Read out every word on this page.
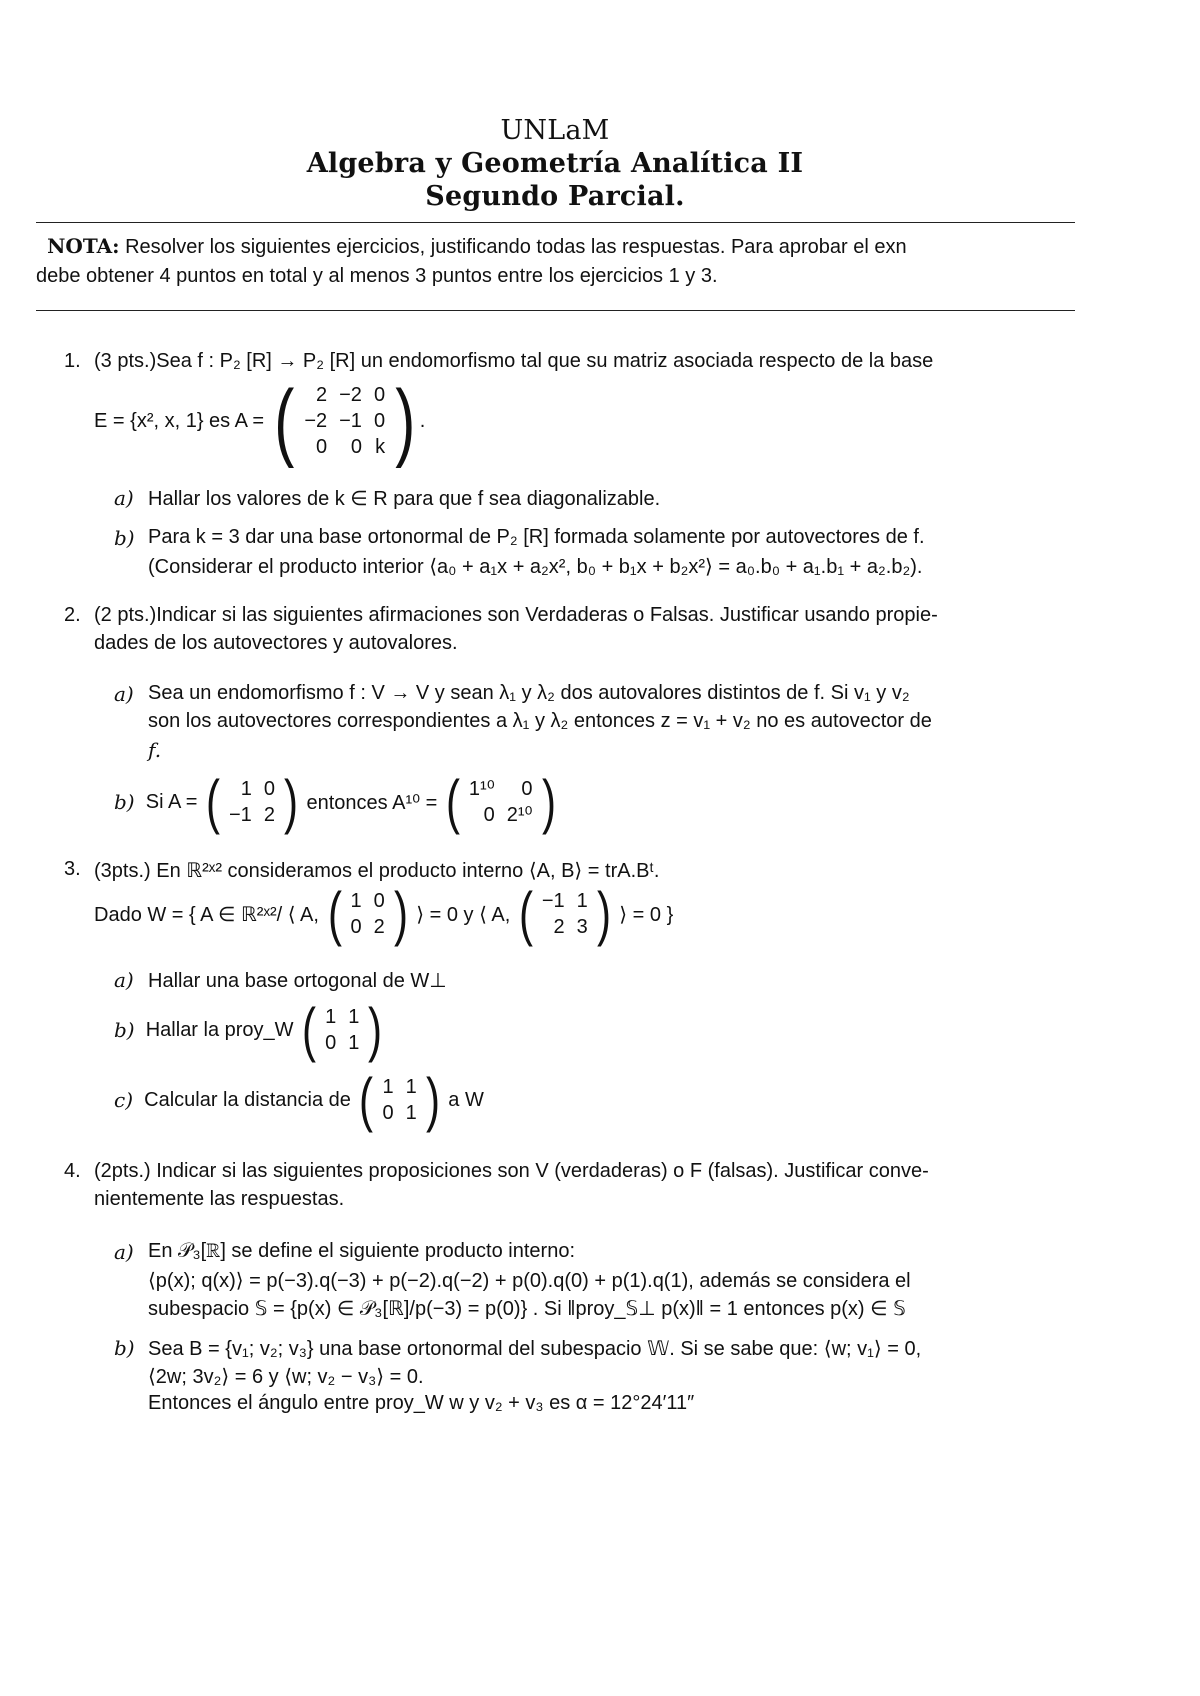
UNLaM
Algebra y Geometría Analítica II
Segundo Parcial.
NOTA: Resolver los siguientes ejercicios, justificando todas las respuestas. Para aprobar el exn
debe obtener 4 puntos en total y al menos 3 puntos entre los ejercicios 1 y 3.
1. (3 pts.)Sea f : P₂ [R] → P₂ [R] un endomorfismo tal que su matriz asociada respecto de la base
E = {x², x, 1} es A =
( 2	−2	0
−2	−1	0
0	0	k ) .
a) Hallar los valores de k ∈ R para que f sea diagonalizable.
b) Para k = 3 dar una base ortonormal de P₂ [R] formada solamente por autovectores de f.
(Considerar el producto interior ⟨a₀ + a₁x + a₂x², b₀ + b₁x + b₂x²⟩ = a₀.b₀ + a₁.b₁ + a₂.b₂).
2. (2 pts.)Indicar si las siguientes afirmaciones son Verdaderas o Falsas. Justificar usando propie-
dades de los autovectores y autovalores.
a) Sea un endomorfismo f : V → V y sean λ₁ y λ₂ dos autovalores distintos de f. Si v₁ y v₂
son los autovectores correspondientes a λ₁ y λ₂ entonces z = v₁ + v₂ no es autovector de
f.
b)
Si A =
( 1	0
−1	2 )
entonces A¹⁰ =
( 1¹⁰	0
0	2¹⁰ )
3. (3pts.) En ℝ²ˣ² consideramos el producto interno ⟨A, B⟩ = trA.Bᵗ.
Dado W = { A ∈ ℝ²ˣ²/ ⟨ A,
( 1	0
0	2 )
⟩ = 0 y ⟨ A,
( −1	1
2	3 )
⟩ = 0 }
a) Hallar una base ortogonal de W⊥
b)
Hallar la proy_W
( 1	1
0	1 )
c)
Calcular la distancia de
( 1	1
0	1 )
a W
4. (2pts.) Indicar si las siguientes proposiciones son V (verdaderas) o F (falsas). Justificar conve-
nientemente las respuestas.
a) En 𝒫₃[ℝ] se define el siguiente producto interno:
⟨p(x); q(x)⟩ = p(−3).q(−3) + p(−2).q(−2) + p(0).q(0) + p(1).q(1), además se considera el
subespacio 𝕊 = {p(x) ∈ 𝒫₃[ℝ]/p(−3) = p(0)} . Si ‖proy_𝕊⊥ p(x)‖ = 1 entonces p(x) ∈ 𝕊
b) Sea B = {v₁; v₂; v₃} una base ortonormal del subespacio 𝕎. Si se sabe que: ⟨w; v₁⟩ = 0,
⟨2w; 3v₂⟩ = 6 y ⟨w; v₂ − v₃⟩ = 0.
Entonces el ángulo entre proy_W w y v₂ + v₃ es α = 12°24′11″
